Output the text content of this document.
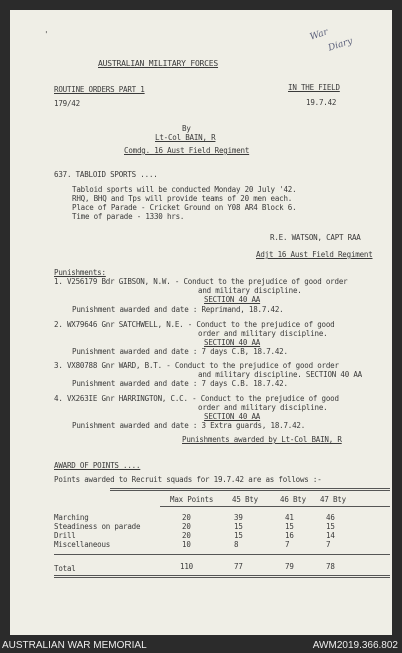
'	War
Diary
AUSTRALIAN MILITARY FORCES
ROUTINE ORDERS PART 1	IN THE FIELD
179/42	19.7.42
By
Lt-Col BAIN, R
Comdg. 16 Aust Field Regiment
637. TABLOID SPORTS ....
Tabloid sports will be conducted Monday 20 July '42.
RHQ, BHQ and Tps will provide teams of 20 men each.
Place of Parade - Cricket Ground on Y08 AR4 Block 6.
Time of parade - 1330 hrs.
R.E. WATSON, CAPT RAA
Adjt 16 Aust Field Regiment
Punishments:
1. V256179 Bdr GIBSON, N.W. - Conduct to the prejudice of good order
and military discipline.
SECTION 40 AA
Punishment awarded and date : Reprimand, 18.7.42.
2. WX79646 Gnr SATCHWELL, N.E. - Conduct to the prejudice of good
order and military discipline.
SECTION 40 AA
Punishment awarded and date : 7 days C.B, 18.7.42.
3. VX80788 Gnr WARD, B.T. - Conduct to the prejudice of good order
and military discipline. SECTION 40 AA
Punishment awarded and date : 7 days C.B. 18.7.42.
4. VX263IE Gnr HARRINGTON, C.C. - Conduct to the prejudice of good
order and military discipline.
SECTION 40 AA
Punishment awarded and date : 3 Extra guards, 18.7.42.
Punishments awarded by Lt-Col BAIN, R
AWARD OF POINTS ....
Points awarded to Recruit squads for 19.7.42 are as follows :-
Max Points	45 Bty	46 Bty 47 Bty
Marching	20	39	41	46
Steadiness on parade	20	15	15	15
Drill	20	15	16	14
Miscellaneous	10	8	7	7
Total	110	77	79	78
AUSTRALIAN WAR MEMORIAL	AWM2019.366.802
